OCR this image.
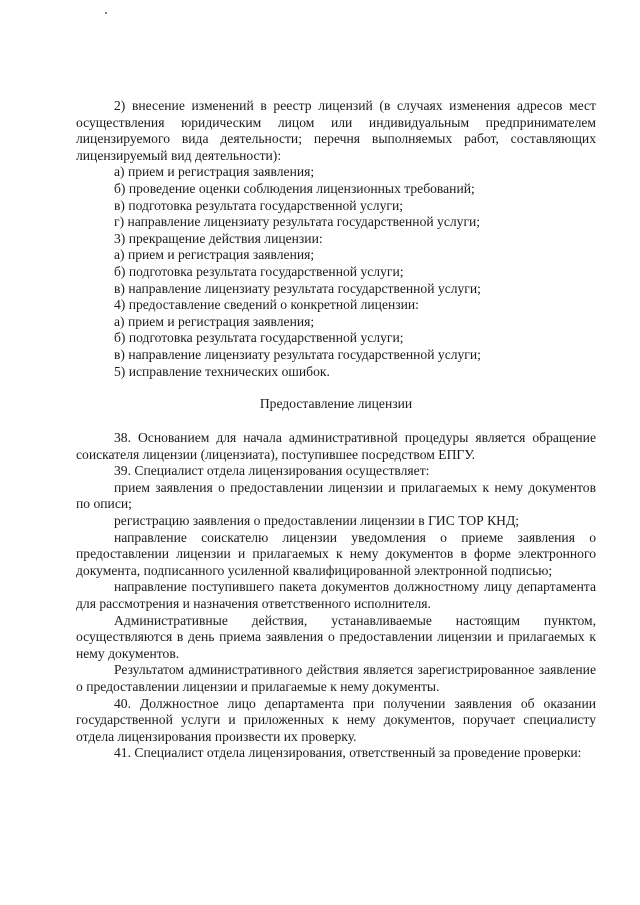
2) внесение изменений в реестр лицензий (в случаях изменения адресов мест осуществления юридическим лицом или индивидуальным предпринимателем лицензируемого вида деятельности; перечня выполняемых работ, составляющих лицензируемый вид деятельности):

а) прием и регистрация заявления;

б) проведение оценки соблюдения лицензионных требований;

в) подготовка результата государственной услуги;

г) направление лицензиату результата государственной услуги;

3) прекращение действия лицензии:

а) прием и регистрация заявления;

б) подготовка результата государственной услуги;

в) направление лицензиату результата государственной услуги;

4) предоставление сведений о конкретной лицензии:

а) прием и регистрация заявления;

б) подготовка результата государственной услуги;

в) направление лицензиату результата государственной услуги;

5) исправление технических ошибок.

Предоставление лицензии

38. Основанием для начала административной процедуры является обращение соискателя лицензии (лицензиата), поступившее посредством ЕПГУ.

39. Специалист отдела лицензирования осуществляет:

прием заявления о предоставлении лицензии и прилагаемых к нему документов по описи;

регистрацию заявления о предоставлении лицензии в ГИС ТОР КНД;

направление соискателю лицензии уведомления о приеме заявления о предоставлении лицензии и прилагаемых к нему документов в форме электронного документа, подписанного усиленной квалифицированной электронной подписью;

направление поступившего пакета документов должностному лицу департамента для рассмотрения и назначения ответственного исполнителя.

Административные действия, устанавливаемые настоящим пунктом, осуществляются в день приема заявления о предоставлении лицензии и прилагаемых к нему документов.

Результатом административного действия является зарегистрированное заявление о предоставлении лицензии и прилагаемые к нему документы.

40. Должностное лицо департамента при получении заявления об оказании государственной услуги и приложенных к нему документов, поручает специалисту отдела лицензирования произвести их проверку.

41. Специалист отдела лицензирования, ответственный за проведение проверки:
